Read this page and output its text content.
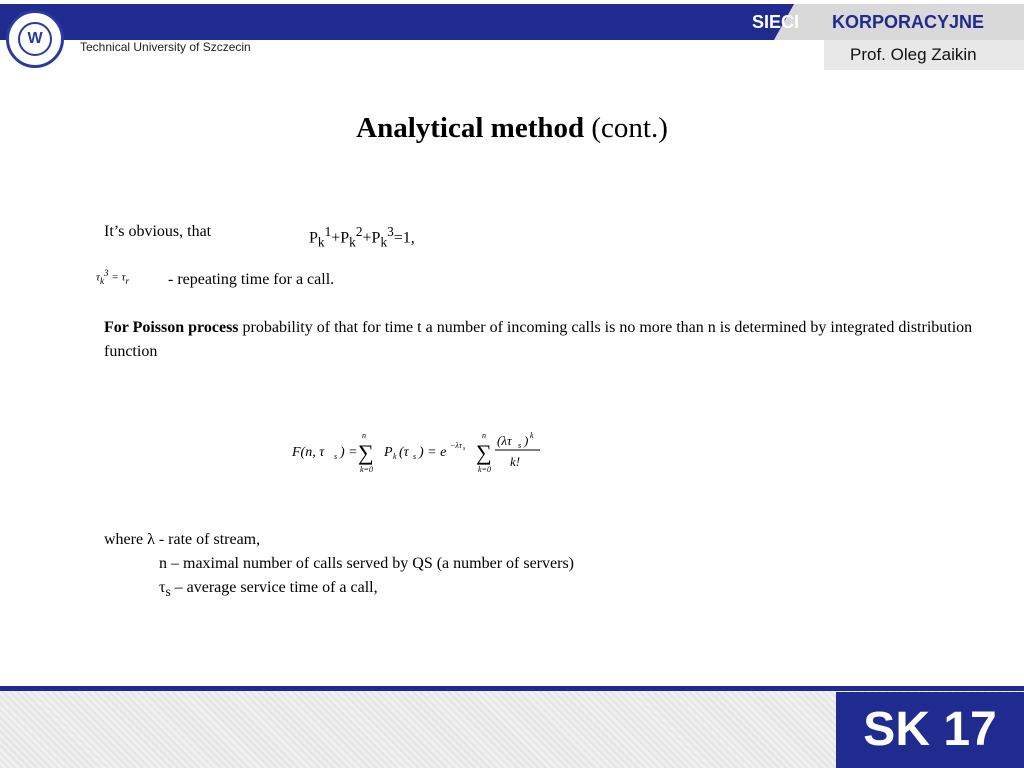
W	Technical University of Szczecin
SIECI KORPORACYJNE
Prof. Oleg Zaikin
Analytical method (cont.)
It’s obvious, that	$P_k^1+P_k^2+P_k^3=1$,
$\tau_k^3 = \tau_r$ - repeating time for a call.
For Poisson process probability of that for time t a number of incoming calls is no more than n is determined by integrated distribution function
F(n, τ s ) =
n
∑
k=0
P k (τ s ) = e −λτ s
n
∑
k=0
(λτ s ) k
k!
where λ - rate of stream,
n – maximal number of calls served by QS (a number of servers)
$\tau_s$ – average service time of a call,
SK 17
